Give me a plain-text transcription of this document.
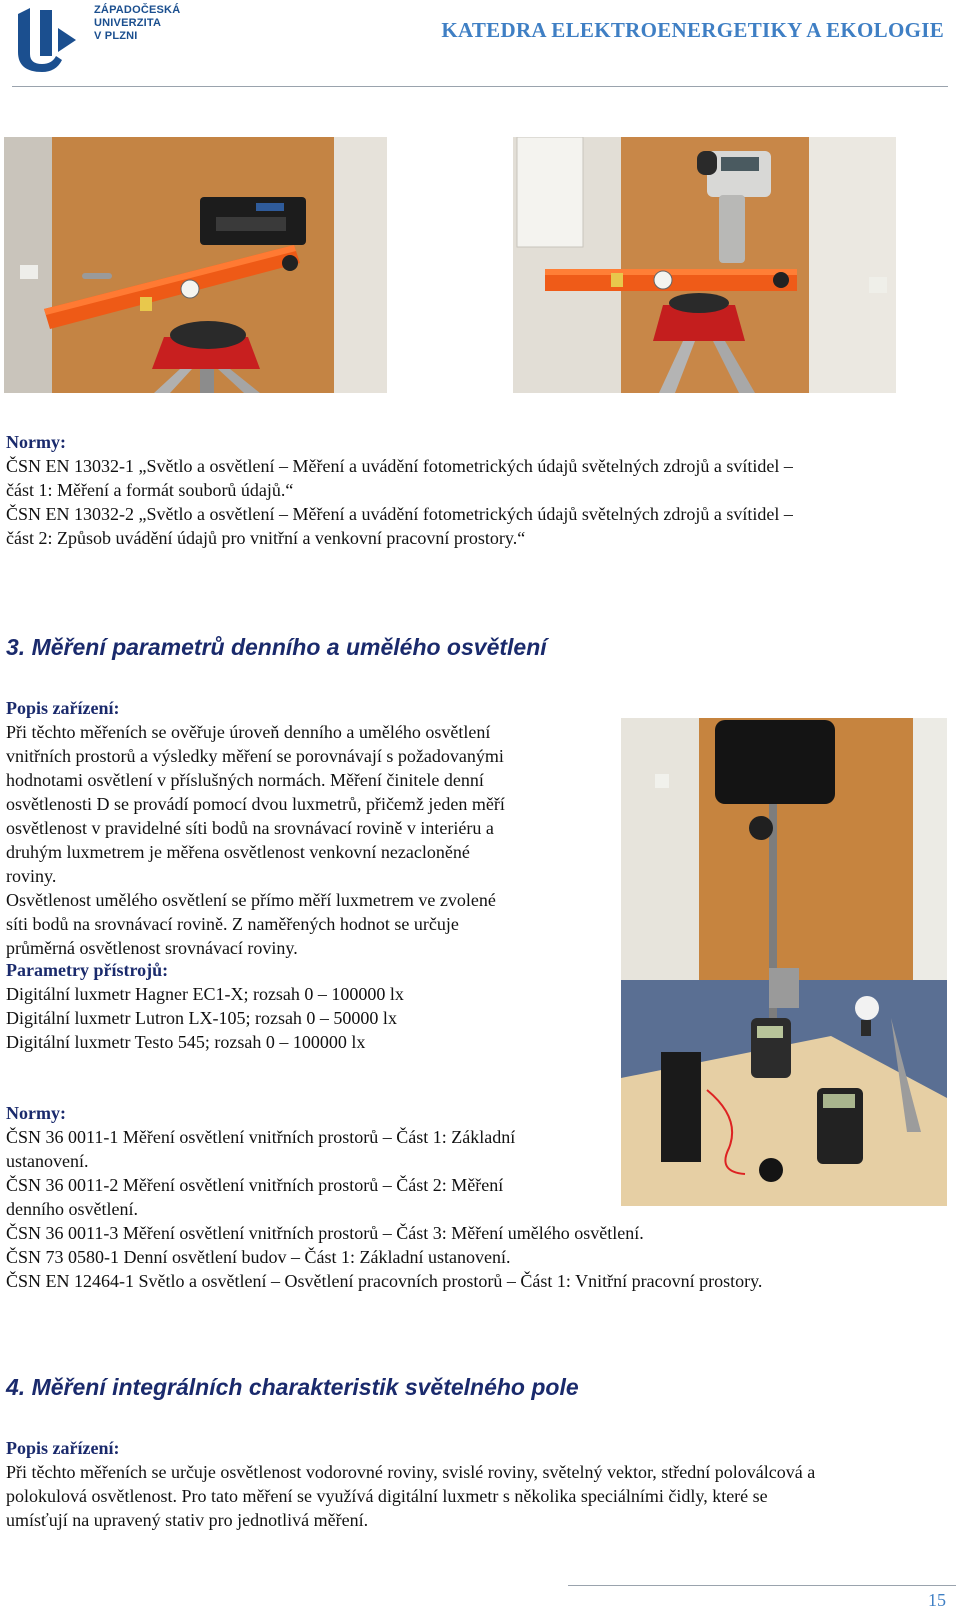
ZÁPADOČESKÁ
UNIVERZITA
V PLZNI	KATEDRA ELEKTROENERGETIKY A EKOLOGIE
Normy:
ČSN EN 13032-1 „Světlo a osvětlení – Měření a uvádění fotometrických údajů světelných zdrojů a svítidel –
část 1: Měření a formát souborů údajů.“
ČSN EN 13032-2 „Světlo a osvětlení – Měření a uvádění fotometrických údajů světelných zdrojů a svítidel –
část 2: Způsob uvádění údajů pro vnitřní a venkovní pracovní prostory.“
3. Měření parametrů denního a umělého osvětlení
Popis zařízení:
Při těchto měřeních se ověřuje úroveň denního a umělého osvětlení
vnitřních prostorů a výsledky měření se porovnávají s požadovanými
hodnotami osvětlení v příslušných normách. Měření činitele denní
osvětlenosti D se provádí pomocí dvou luxmetrů, přičemž jeden měří
osvětlenost v pravidelné síti bodů na srovnávací rovině v interiéru a
druhým luxmetrem je měřena osvětlenost venkovní nezacloněné
roviny.
Osvětlenost umělého osvětlení se přímo měří luxmetrem ve zvolené
síti bodů na srovnávací rovině. Z naměřených hodnot se určuje
průměrná osvětlenost srovnávací roviny.
Parametry přístrojů:
Digitální luxmetr Hagner EC1-X; rozsah 0 – 100000 lx
Digitální luxmetr Lutron LX-105; rozsah 0 – 50000 lx
Digitální luxmetr Testo 545; rozsah 0 – 100000 lx
Normy:
ČSN 36 0011-1 Měření osvětlení vnitřních prostorů – Část 1: Základní
ustanovení.
ČSN 36 0011-2 Měření osvětlení vnitřních prostorů – Část 2: Měření
denního osvětlení.
ČSN 36 0011-3 Měření osvětlení vnitřních prostorů – Část 3: Měření umělého osvětlení.
ČSN 73 0580-1 Denní osvětlení budov – Část 1: Základní ustanovení.
ČSN EN 12464-1 Světlo a osvětlení – Osvětlení pracovních prostorů – Část 1: Vnitřní pracovní prostory.
4. Měření integrálních charakteristik světelného pole
Popis zařízení:
Při těchto měřeních se určuje osvětlenost vodorovné roviny, svislé roviny, světelný vektor, střední poloválcová a
polokulová osvětlenost. Pro tato měření se využívá digitální luxmetr s několika speciálními čidly, které se
umísťují na upravený stativ pro jednotlivá měření.
15
